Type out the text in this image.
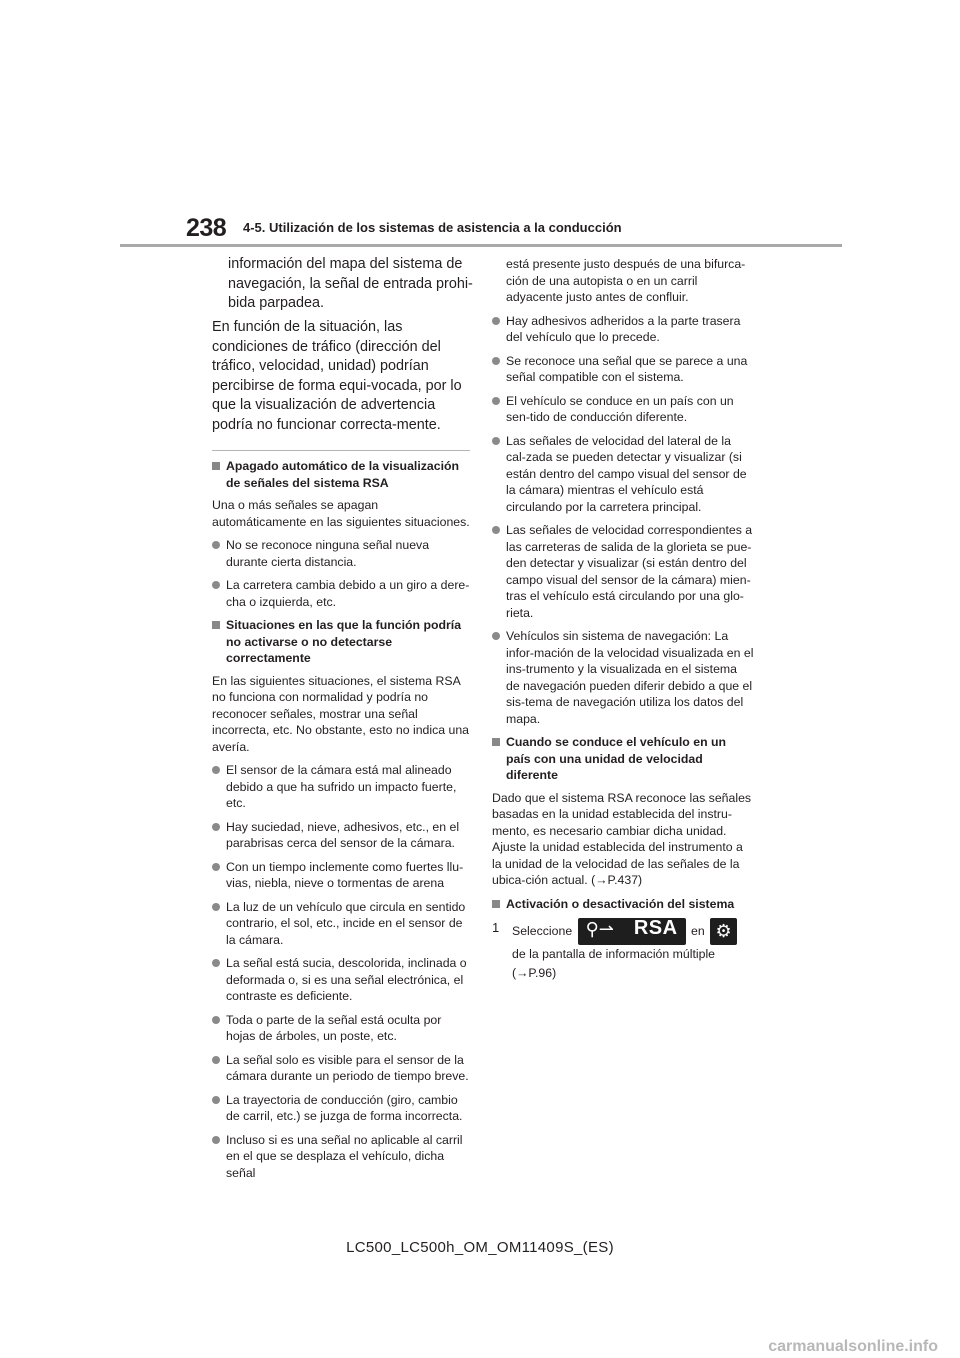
238 4-5. Utilización de los sistemas de asistencia a la conducción
información del mapa del sistema de navegación, la señal de entrada prohi-bida parpadea.
En función de la situación, las condiciones de tráfico (dirección del tráfico, velocidad, unidad) podrían percibirse de forma equi-vocada, por lo que la visualización de advertencia podría no funcionar correcta-mente.
Apagado automático de la visualización de señales del sistema RSA

Una o más señales se apagan automáticamente en las siguientes situaciones.

No se reconoce ninguna señal nueva durante cierta distancia.
La carretera cambia debido a un giro a dere-cha o izquierda, etc.
Situaciones en las que la función podría no activarse o no detectarse correctamente

En las siguientes situaciones, el sistema RSA no funciona con normalidad y podría no reconocer señales, mostrar una señal incorrecta, etc. No obstante, esto no indica una avería.

El sensor de la cámara está mal alineado debido a que ha sufrido un impacto fuerte, etc.
Hay suciedad, nieve, adhesivos, etc., en el parabrisas cerca del sensor de la cámara.
Con un tiempo inclemente como fuertes llu-vias, niebla, nieve o tormentas de arena
La luz de un vehículo que circula en sentido contrario, el sol, etc., incide en el sensor de la cámara.
La señal está sucia, descolorida, inclinada o deformada o, si es una señal electrónica, el contraste es deficiente.
Toda o parte de la señal está oculta por hojas de árboles, un poste, etc.
La señal solo es visible para el sensor de la cámara durante un periodo de tiempo breve.
La trayectoria de conducción (giro, cambio de carril, etc.) se juzga de forma incorrecta.
Incluso si es una señal no aplicable al carril en el que se desplaza el vehículo, dicha señal

está presente justo después de una bifurca-ción de una autopista o en un carril adyacente justo antes de confluir.

Hay adhesivos adheridos a la parte trasera del vehículo que lo precede.
Se reconoce una señal que se parece a una señal compatible con el sistema.
El vehículo se conduce en un país con un sen-tido de conducción diferente.
Las señales de velocidad del lateral de la cal-zada se pueden detectar y visualizar (si están dentro del campo visual del sensor de la cámara) mientras el vehículo está circulando por la carretera principal.
Las señales de velocidad correspondientes a las carreteras de salida de la glorieta se pue-den detectar y visualizar (si están dentro del campo visual del sensor de la cámara) mien-tras el vehículo está circulando por una glo-rieta.
Vehículos sin sistema de navegación: La infor-mación de la velocidad visualizada en el ins-trumento y la visualizada en el sistema de navegación pueden diferir debido a que el sis-tema de navegación utiliza los datos del mapa.
Cuando se conduce el vehículo en un país con una unidad de velocidad diferente

Dado que el sistema RSA reconoce las señales basadas en la unidad establecida del instru-mento, es necesario cambiar dicha unidad. Ajuste la unidad establecida del instrumento a la unidad de la velocidad de las señales de la ubica-ción actual. (→P.437)

Activación o desactivación del sistema
1 Seleccione ⚲⇀ RSA en ⚙ de la pantalla de información múltiple (→P.96)
LC500_LC500h_OM_OM11409S_(ES)
carmanualsonline.info
